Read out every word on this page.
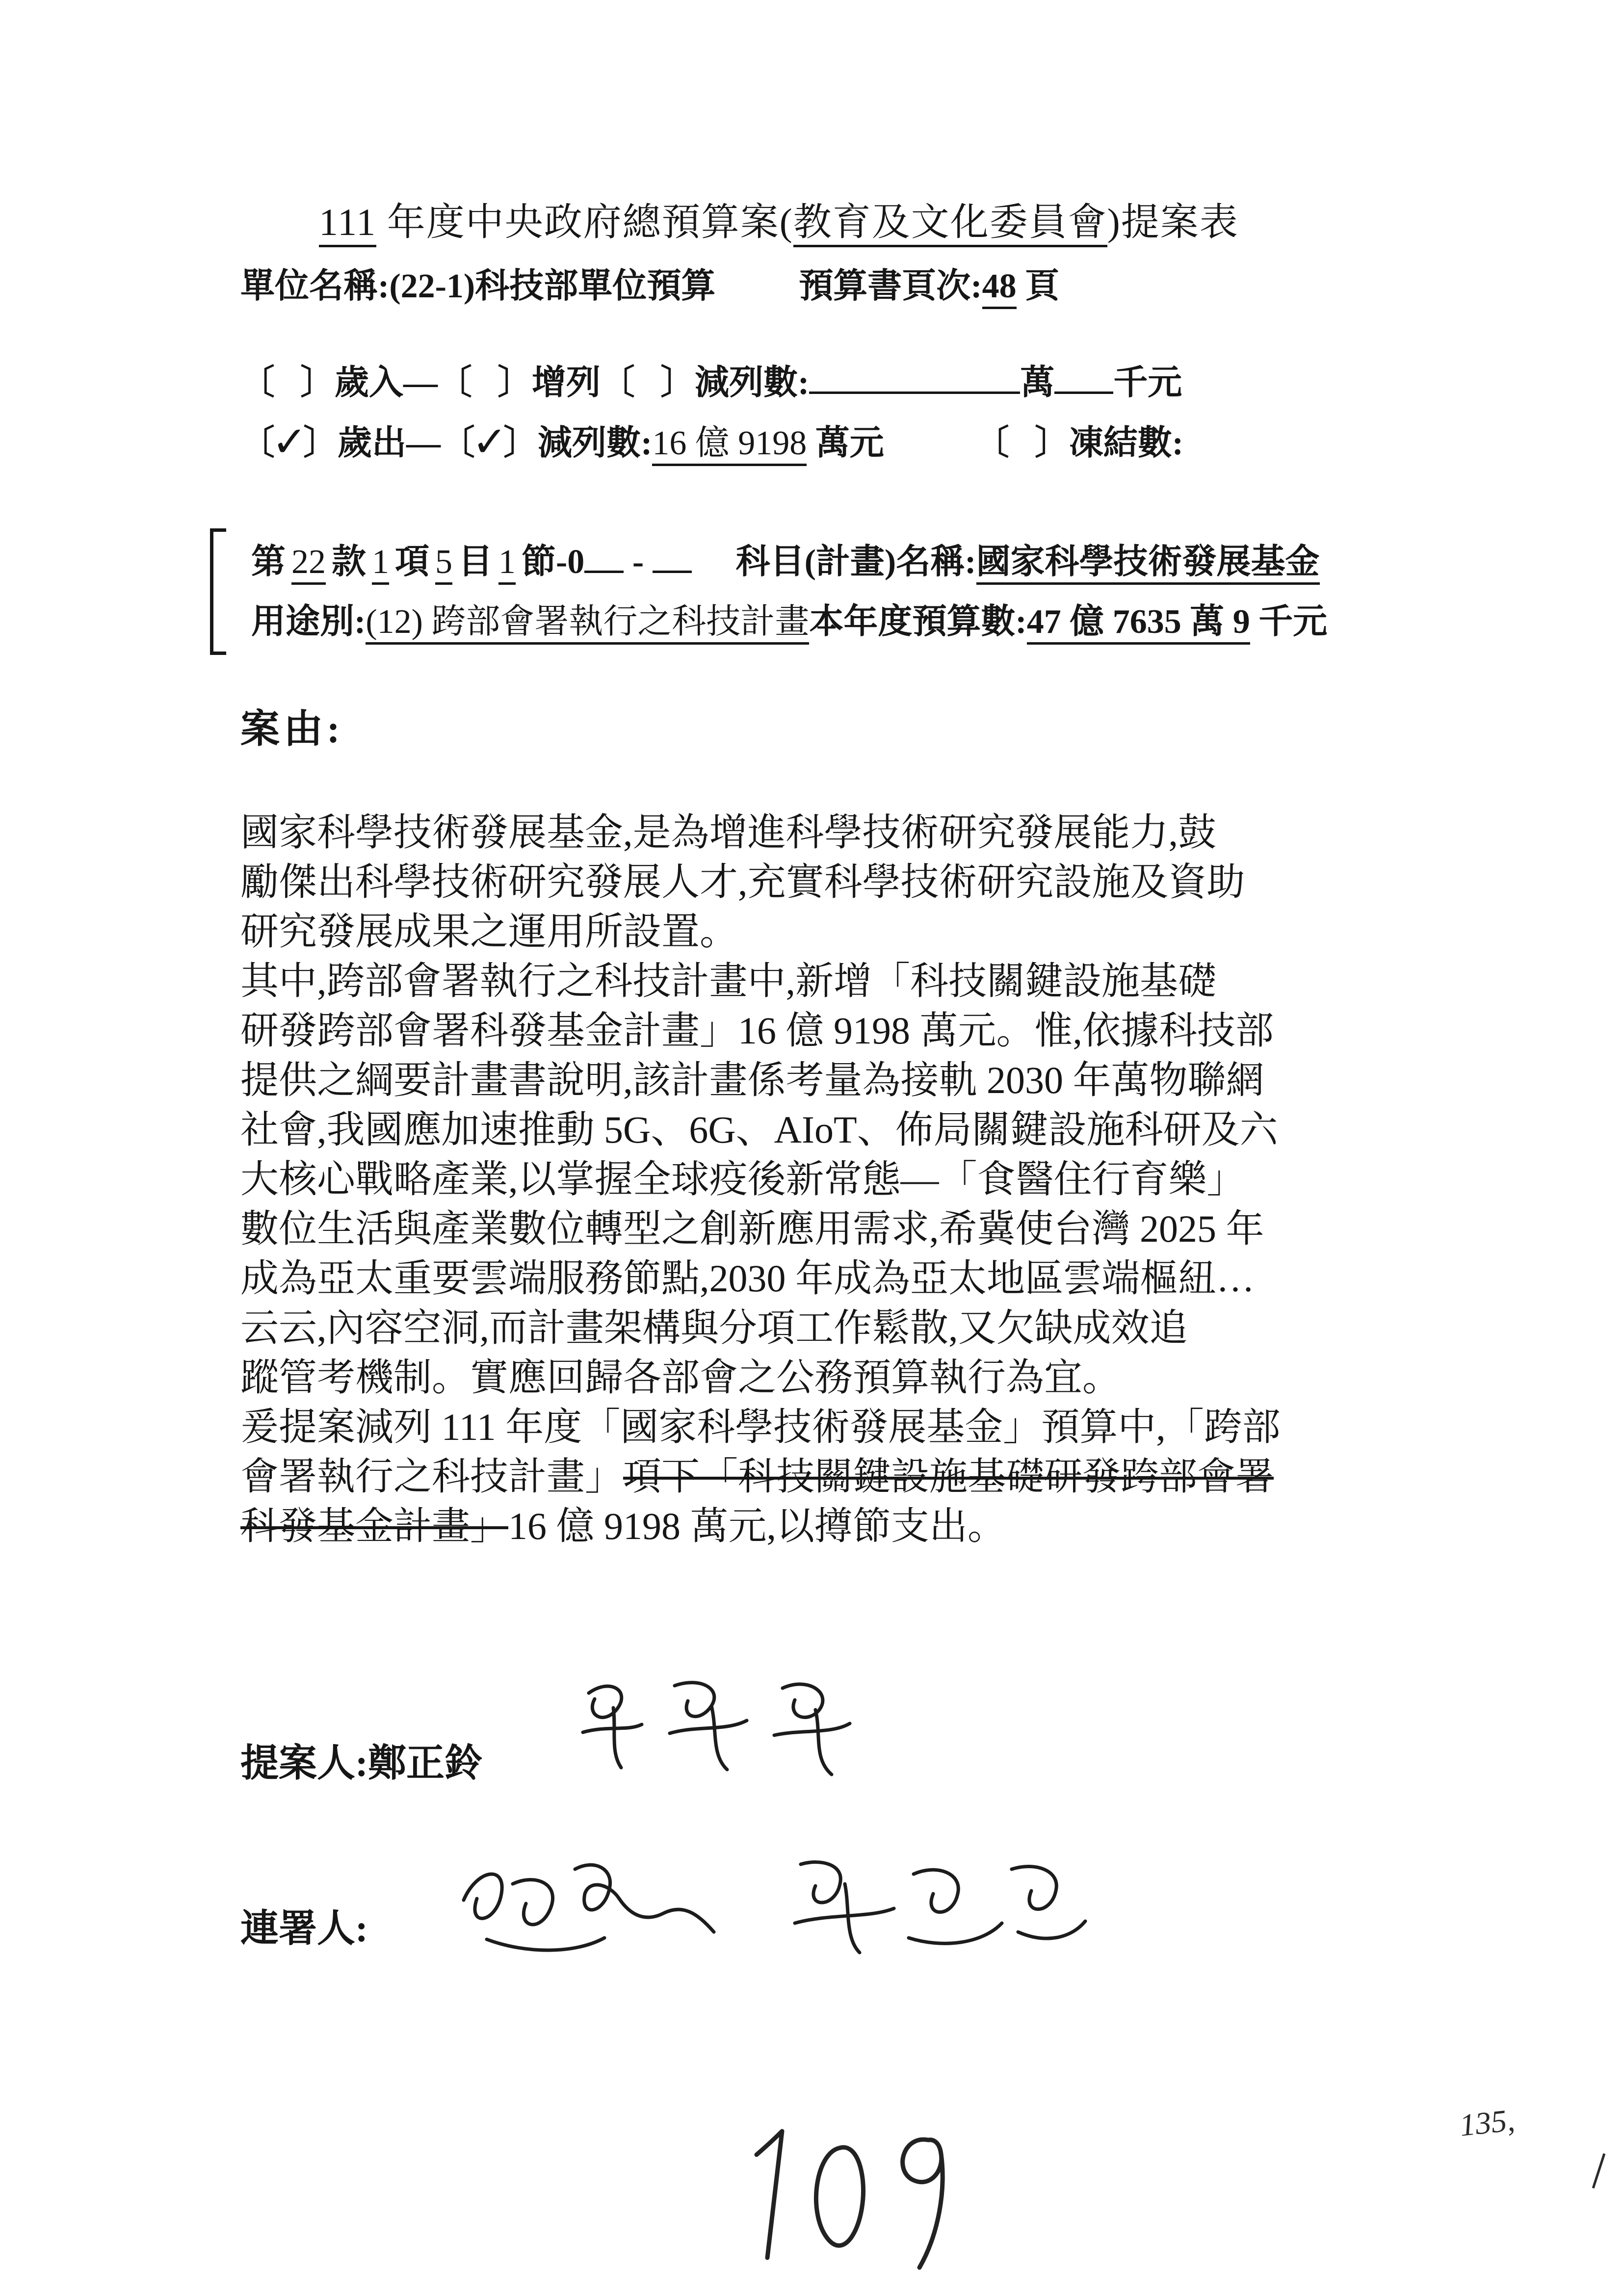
111 年度中央政府總預算案(教育及文化委員會)提案表
單位名稱:(22-1)科技部單位預算 預算書頁次:48 頁
〔 〕歲入—〔 〕增列〔 〕減列數:	萬 千元
〔✓〕歲出—〔✓〕減列數:16 億 9198 萬元	〔 〕凍結數:
第 22 款 1 項 5 目 1 節-0 -	科目(計畫)名稱:國家科學技術發展基金
用途別:(12) 跨部會署執行之科技計畫本年度預算數:47 億 7635 萬 9 千元
案由:
國家科學技術發展基金,是為增進科學技術研究發展能力,鼓
勵傑出科學技術研究發展人才,充實科學技術研究設施及資助
研究發展成果之運用所設置。
其中,跨部會署執行之科技計畫中,新增「科技關鍵設施基礎
研發跨部會署科發基金計畫」16 億 9198 萬元。惟,依據科技部
提供之綱要計畫書說明,該計畫係考量為接軌 2030 年萬物聯網
社會,我國應加速推動 5G、6G、AIoT、佈局關鍵設施科研及六
大核心戰略產業,以掌握全球疫後新常態—「食醫住行育樂」
數位生活與產業數位轉型之創新應用需求,希冀使台灣 2025 年
成為亞太重要雲端服務節點,2030 年成為亞太地區雲端樞紐…
云云,內容空洞,而計畫架構與分項工作鬆散,又欠缺成效追
蹤管考機制。實應回歸各部會之公務預算執行為宜。
爰提案減列 111 年度「國家科學技術發展基金」預算中,「跨部
會署執行之科技計畫」項下「科技關鍵設施基礎研發跨部會署
科發基金計畫」16 億 9198 萬元,以撙節支出。
提案人:鄭正鈴
連署人:
135,
